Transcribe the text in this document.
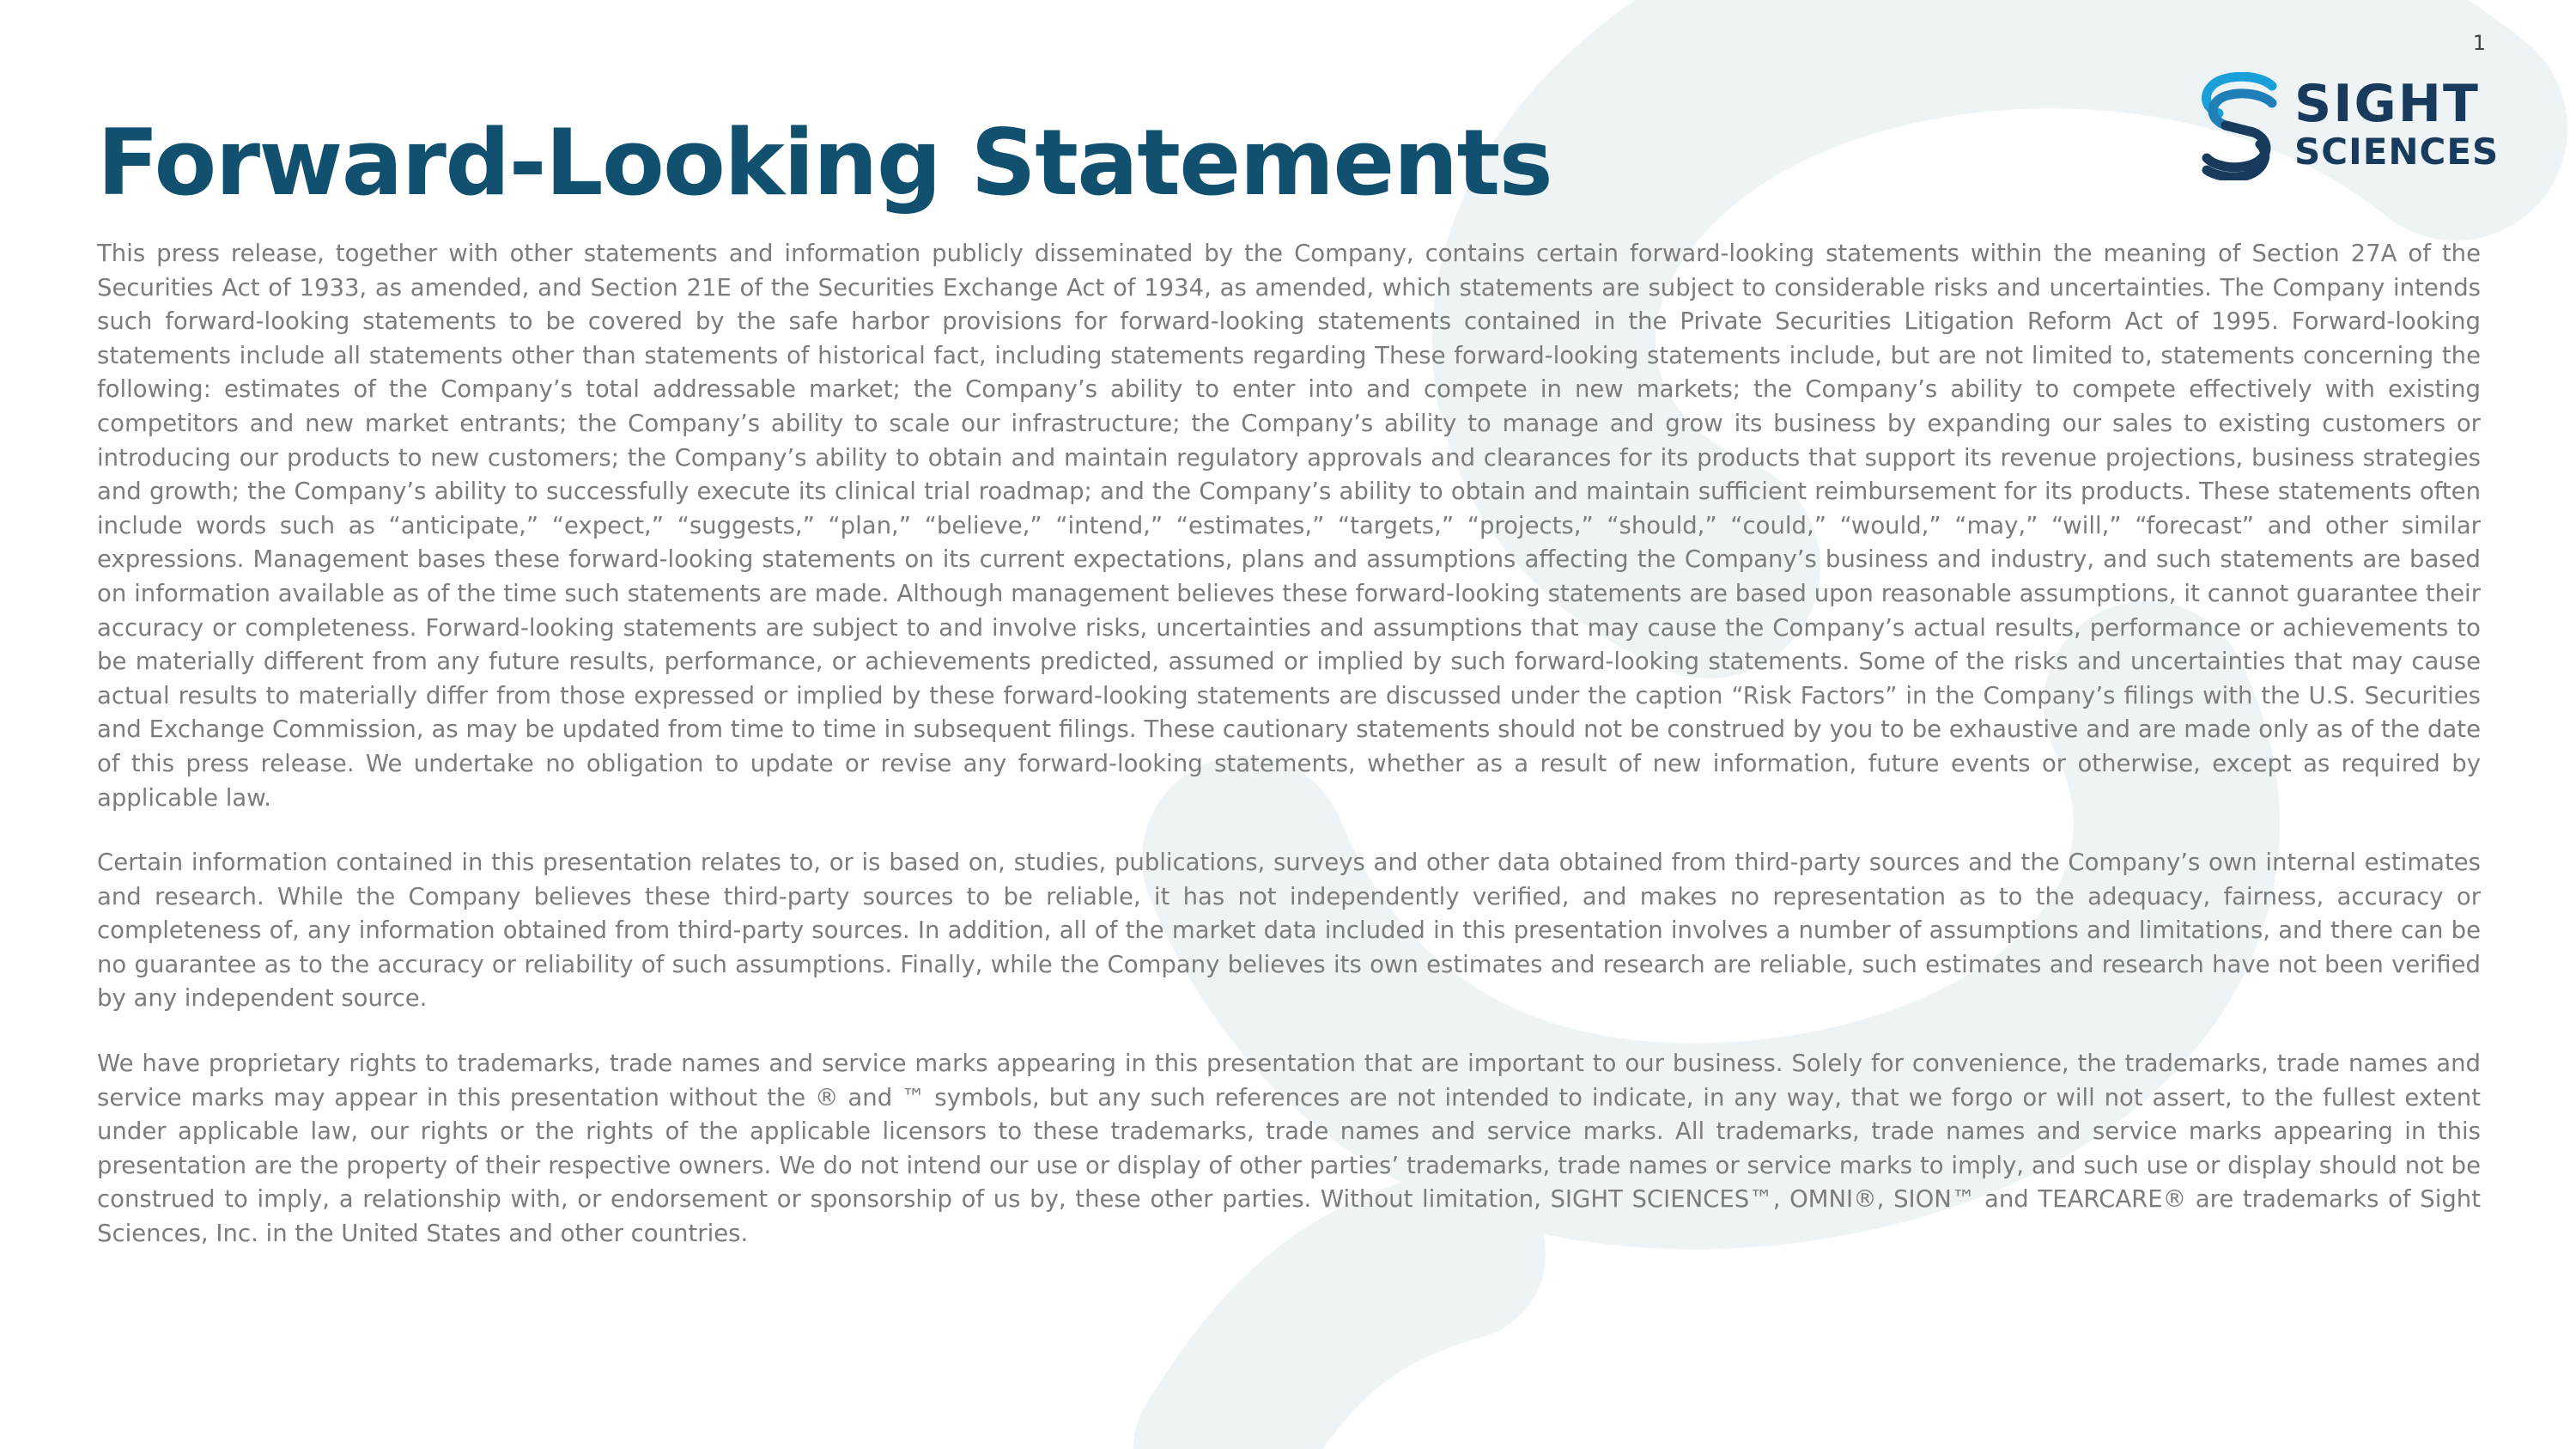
1
SIGHT
SCIENCES
Forward-Looking Statements

This press release, together with other statements and information publicly disseminated by the Company, contains certain forward-looking statements within the meaning of Section 27A of the Securities Act of 1933, as amended, and Section 21E of the Securities Exchange Act of 1934, as amended, which statements are subject to considerable risks and uncertainties. The Company intends such forward-looking statements to be covered by the safe harbor provisions for forward-looking statements contained in the Private Securities Litigation Reform Act of 1995. Forward-looking statements include all statements other than statements of historical fact, including statements regarding These forward-looking statements include, but are not limited to, statements concerning the following: estimates of the Company’s total addressable market; the Company’s ability to enter into and compete in new markets; the Company’s ability to compete effectively with existing competitors and new market entrants; the Company’s ability to scale our infrastructure; the Company’s ability to manage and grow its business by expanding our sales to existing customers or introducing our products to new customers; the Company’s ability to obtain and maintain regulatory approvals and clearances for its products that support its revenue projections, business strategies and growth; the Company’s ability to successfully execute its clinical trial roadmap; and the Company’s ability to obtain and maintain sufficient reimbursement for its products. These statements often include words such as “anticipate,” “expect,” “suggests,” “plan,” “believe,” “intend,” “estimates,” “targets,” “projects,” “should,” “could,” “would,” “may,” “will,” “forecast” and other similar expressions. Management bases these forward-looking statements on its current expectations, plans and assumptions affecting the Company’s business and industry, and such statements are based on information available as of the time such statements are made. Although management believes these forward-looking statements are based upon reasonable assumptions, it cannot guarantee their accuracy or completeness. Forward-looking statements are subject to and involve risks, uncertainties and assumptions that may cause the Company’s actual results, performance or achievements to be materially different from any future results, performance, or achievements predicted, assumed or implied by such forward-looking statements. Some of the risks and uncertainties that may cause actual results to materially differ from those expressed or implied by these forward-looking statements are discussed under the caption “Risk Factors” in the Company’s filings with the U.S. Securities and Exchange Commission, as may be updated from time to time in subsequent filings. These cautionary statements should not be construed by you to be exhaustive and are made only as of the date of this press release. We undertake no obligation to update or revise any forward-looking statements, whether as a result of new information, future events or otherwise, except as required by applicable law.

Certain information contained in this presentation relates to, or is based on, studies, publications, surveys and other data obtained from third-party sources and the Company’s own internal estimates and research. While the Company believes these third-party sources to be reliable, it has not independently verified, and makes no representation as to the adequacy, fairness, accuracy or completeness of, any information obtained from third-party sources. In addition, all of the market data included in this presentation involves a number of assumptions and limitations, and there can be no guarantee as to the accuracy or reliability of such assumptions. Finally, while the Company believes its own estimates and research are reliable, such estimates and research have not been verified by any independent source.

We have proprietary rights to trademarks, trade names and service marks appearing in this presentation that are important to our business. Solely for convenience, the trademarks, trade names and service marks may appear in this presentation without the ® and ™ symbols, but any such references are not intended to indicate, in any way, that we forgo or will not assert, to the fullest extent under applicable law, our rights or the rights of the applicable licensors to these trademarks, trade names and service marks. All trademarks, trade names and service marks appearing in this presentation are the property of their respective owners. We do not intend our use or display of other parties’ trademarks, trade names or service marks to imply, and such use or display should not be construed to imply, a relationship with, or endorsement or sponsorship of us by, these other parties. Without limitation, SIGHT SCIENCES™, OMNI®, SION™ and TEARCARE® are trademarks of Sight Sciences, Inc. in the United States and other countries.
